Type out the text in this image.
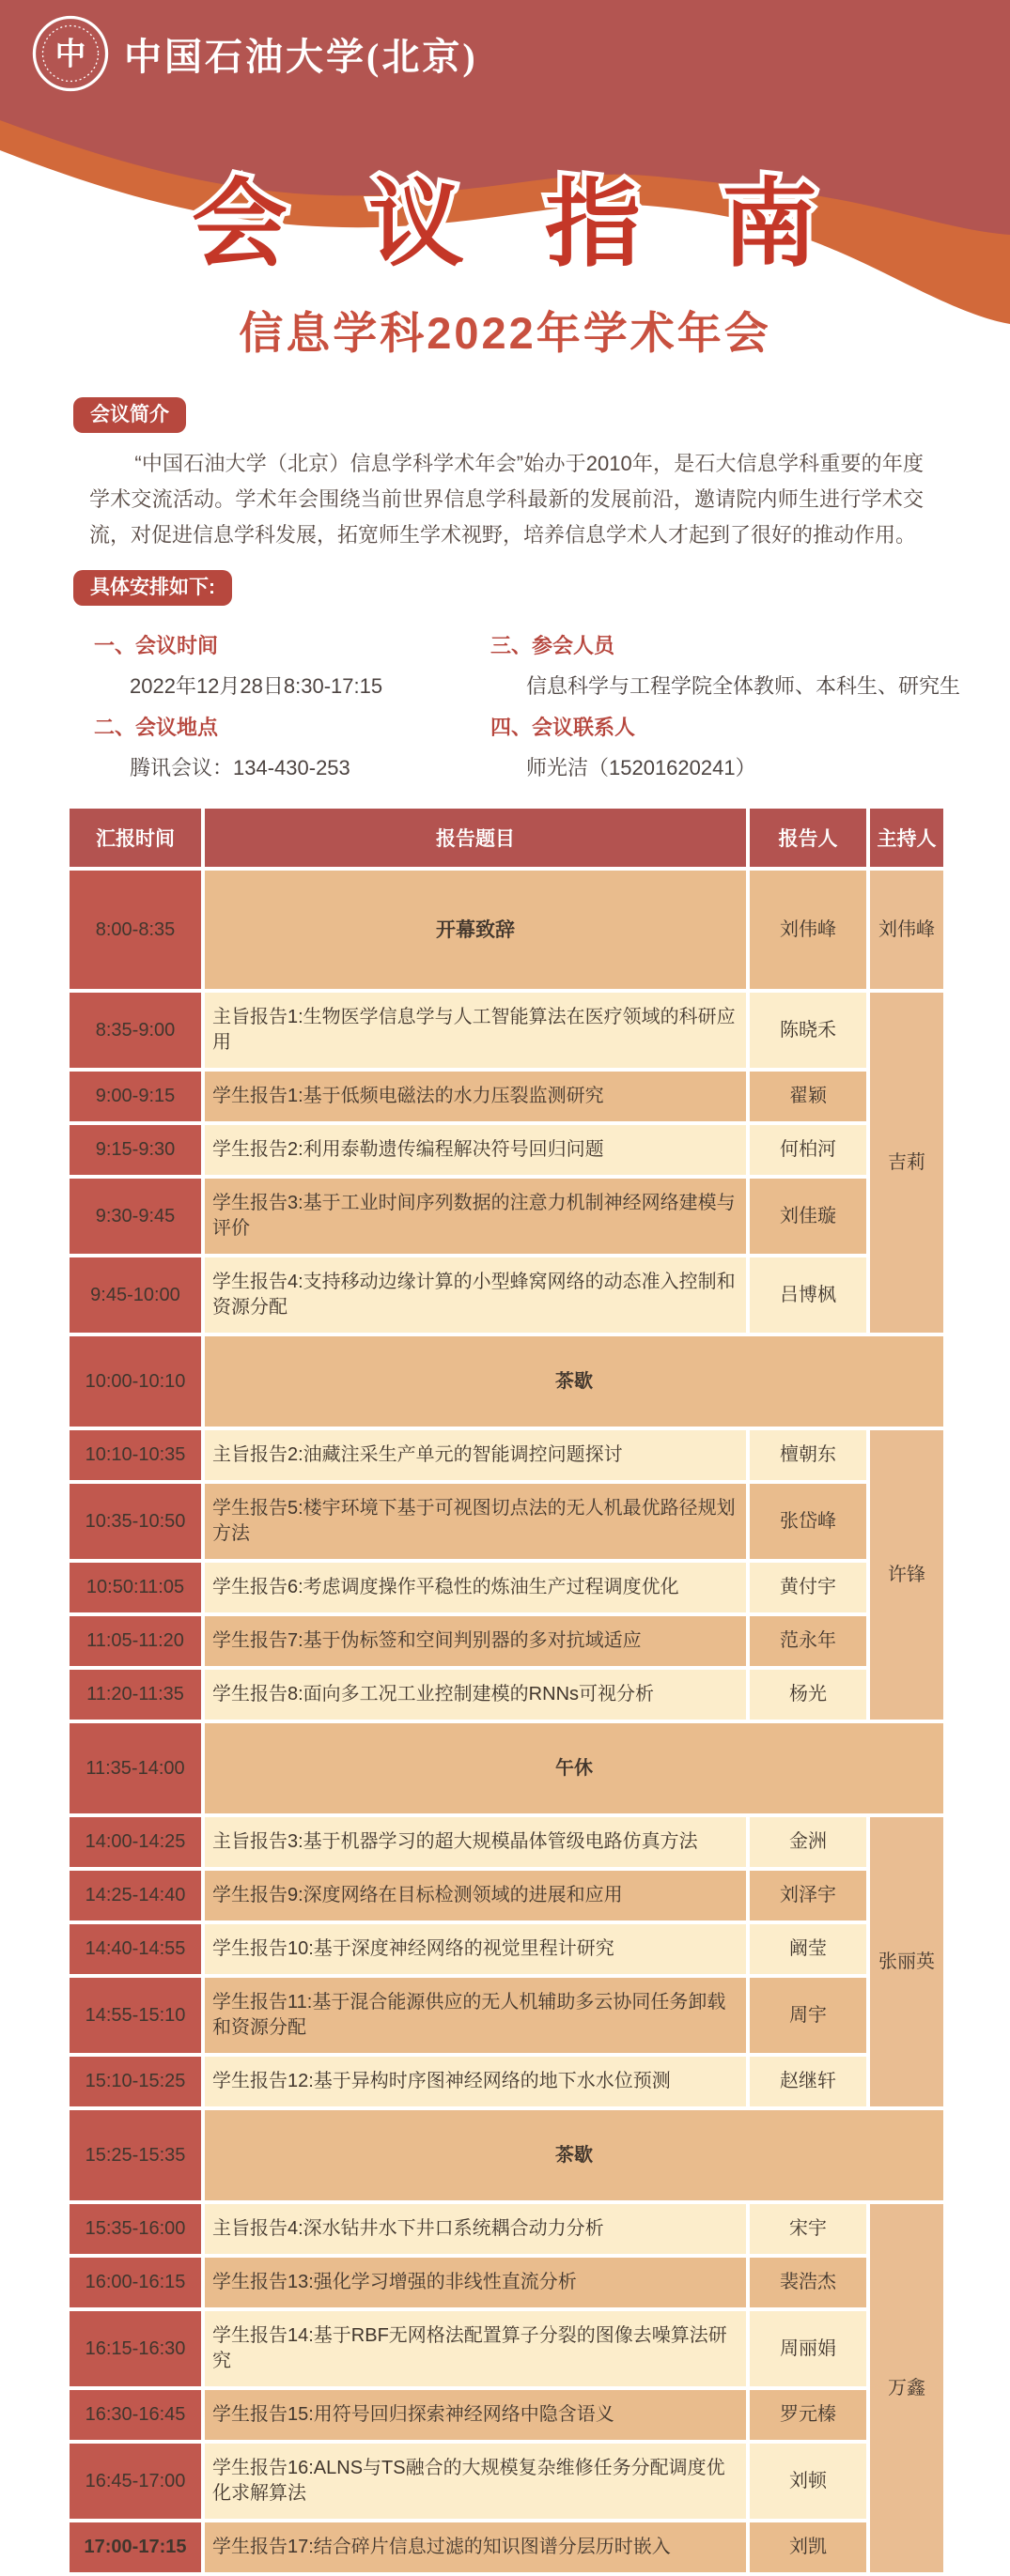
中 中国石油大学(北京)
会议指南
信息学科2022年学术年会
会议简介

“中国石油大学（北京）信息学科学术年会”始办于2010年，是石大信息学科重要的年度学术交流活动。学术年会围绕当前世界信息学科最新的发展前沿，邀请院内师生进行学术交流，对促进信息学科发展，拓宽师生学术视野，培养信息学术人才起到了很好的推动作用。

具体安排如下:
一、会议时间
2022年12月28日8:30-17:15
二、会议地点
腾讯会议：134-430-253
三、参会人员
信息科学与工程学院全体教师、本科生、研究生
四、会议联系人
师光洁（15201620241）
汇报时间	报告题目	报告人	主持人
8:00-8:35	开幕致辞	刘伟峰	刘伟峰
8:35-9:00	主旨报告1:生物医学信息学与人工智能算法在医疗领域的科研应用	陈晓禾	吉莉
9:00-9:15	学生报告1:基于低频电磁法的水力压裂监测研究	翟颖	
9:15-9:30	学生报告2:利用泰勒遗传编程解决符号回归问题	何柏河	
9:30-9:45	学生报告3:基于工业时间序列数据的注意力机制神经网络建模与评价	刘佳璇	
9:45-10:00	学生报告4:支持移动边缘计算的小型蜂窝网络的动态准入控制和资源分配	吕博枫	
10:00-10:10	茶歇		
10:10-10:35	主旨报告2:油藏注采生产单元的智能调控问题探讨	檀朝东	许锋
10:35-10:50	学生报告5:楼宇环境下基于可视图切点法的无人机最优路径规划方法	张岱峰	
10:50:11:05	学生报告6:考虑调度操作平稳性的炼油生产过程调度优化	黄付宇	
11:05-11:20	学生报告7:基于伪标签和空间判别器的多对抗域适应	范永年	
11:20-11:35	学生报告8:面向多工况工业控制建模的RNNs可视分析	杨光	
11:35-14:00	午休		
14:00-14:25	主旨报告3:基于机器学习的超大规模晶体管级电路仿真方法	金洲	张丽英
14:25-14:40	学生报告9:深度网络在目标检测领域的进展和应用	刘泽宇	
14:40-14:55	学生报告10:基于深度神经网络的视觉里程计研究	阚莹	
14:55-15:10	学生报告11:基于混合能源供应的无人机辅助多云协同任务卸载和资源分配	周宇	
15:10-15:25	学生报告12:基于异构时序图神经网络的地下水水位预测	赵继轩	
15:25-15:35	茶歇		
15:35-16:00	主旨报告4:深水钻井水下井口系统耦合动力分析	宋宇	万鑫
16:00-16:15	学生报告13:强化学习增强的非线性直流分析	裴浩杰	
16:15-16:30	学生报告14:基于RBF无网格法配置算子分裂的图像去噪算法研究	周丽娟	
16:30-16:45	学生报告15:用符号回归探索神经网络中隐含语义	罗元榛	
16:45-17:00	学生报告16:ALNS与TS融合的大规模复杂维修任务分配调度优化求解算法	刘顿	
17:00-17:15	学生报告17:结合碎片信息过滤的知识图谱分层历时嵌入	刘凯	
